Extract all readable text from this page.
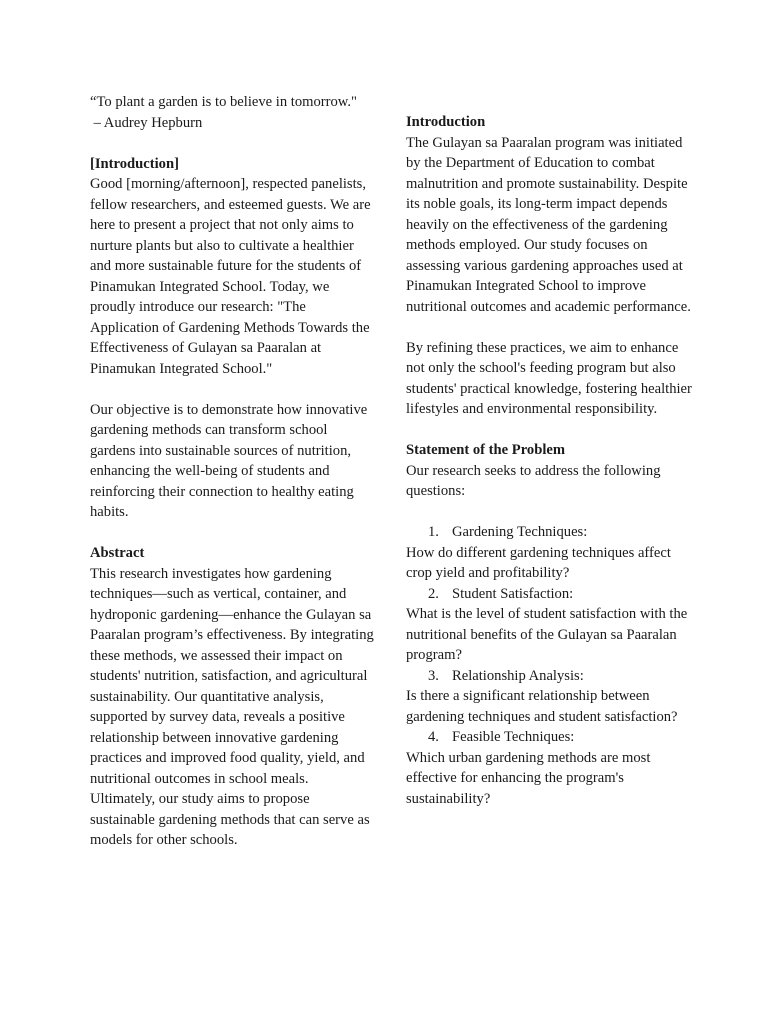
“To plant a garden is to believe in tomorrow."

– Audrey Hepburn

[Introduction]

Good [morning/afternoon], respected panelists, fellow researchers, and esteemed guests. We are here to present a project that not only aims to nurture plants but also to cultivate a healthier and more sustainable future for the students of Pinamukan Integrated School. Today, we proudly introduce our research: "The Application of Gardening Methods Towards the Effectiveness of Gulayan sa Paaralan at Pinamukan Integrated School."

Our objective is to demonstrate how innovative gardening methods can transform school gardens into sustainable sources of nutrition, enhancing the well-being of students and reinforcing their connection to healthy eating habits.

Abstract

This research investigates how gardening techniques—such as vertical, container, and hydroponic gardening—enhance the Gulayan sa Paaralan program’s effectiveness. By integrating these methods, we assessed their impact on students' nutrition, satisfaction, and agricultural sustainability. Our quantitative analysis, supported by survey data, reveals a positive relationship between innovative gardening practices and improved food quality, yield, and nutritional outcomes in school meals. Ultimately, our study aims to propose sustainable gardening methods that can serve as models for other schools.

Introduction

The Gulayan sa Paaralan program was initiated by the Department of Education to combat malnutrition and promote sustainability. Despite its noble goals, its long-term impact depends heavily on the effectiveness of the gardening methods employed. Our study focuses on assessing various gardening approaches used at Pinamukan Integrated School to improve nutritional outcomes and academic performance.

By refining these practices, we aim to enhance not only the school's feeding program but also students' practical knowledge, fostering healthier lifestyles and environmental responsibility.

Statement of the Problem

Our research seeks to address the following questions:

1. Gardening Techniques:

How do different gardening techniques affect crop yield and profitability?

2. Student Satisfaction:

What is the level of student satisfaction with the nutritional benefits of the Gulayan sa Paaralan program?

3. Relationship Analysis:

Is there a significant relationship between gardening techniques and student satisfaction?

4. Feasible Techniques:

Which urban gardening methods are most effective for enhancing the program's sustainability?
